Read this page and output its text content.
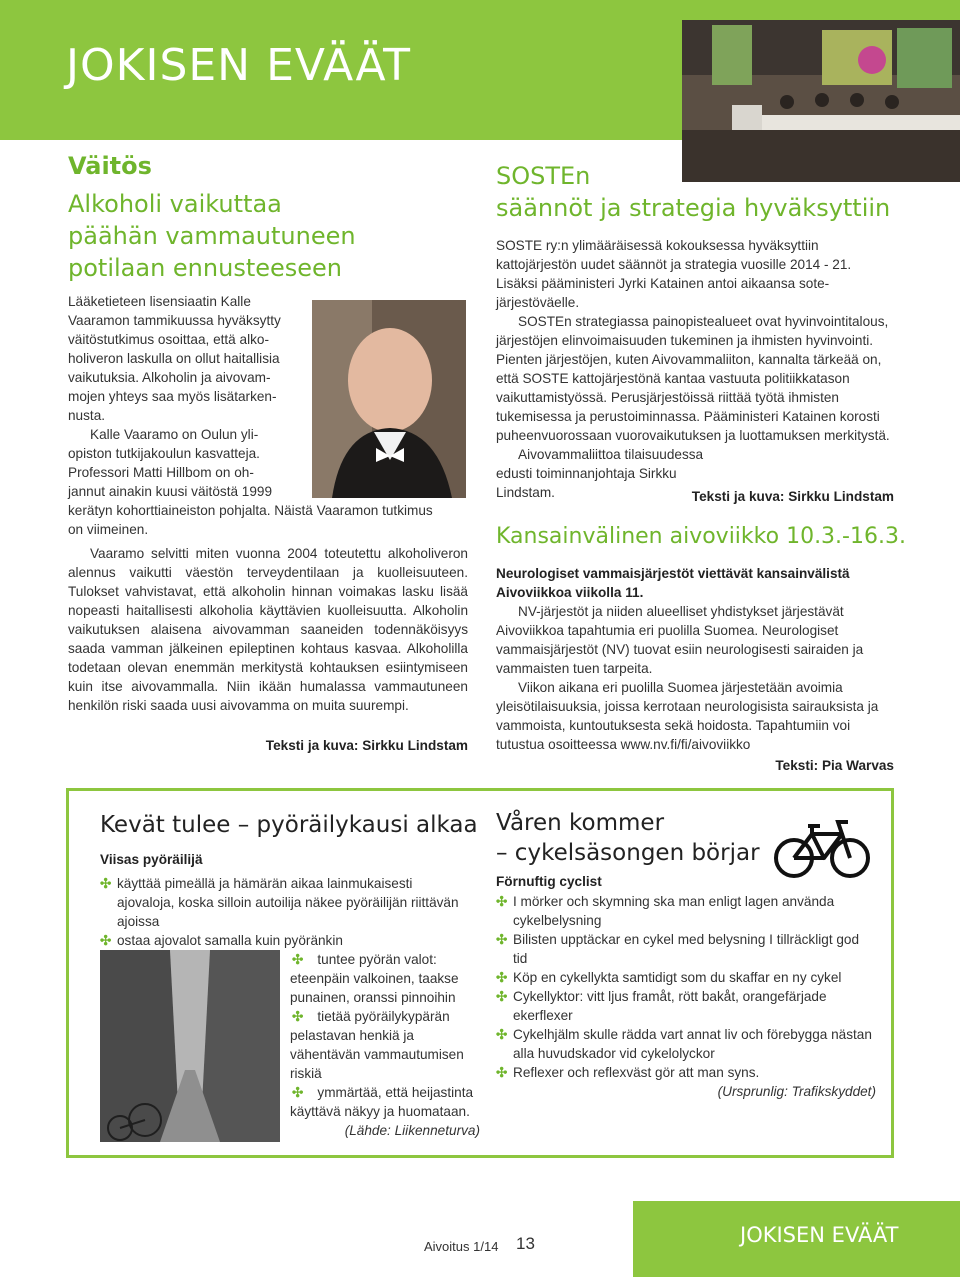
JOKISEN EVÄÄT
Väitös
Alkoholi vaikuttaa päähän vammautuneen potilaan ennusteeseen

Lääketieteen lisensiaatin Kalle

Vaaramon tammikuussa hyväksytty

väitöstutkimus osoittaa, että alko-

holiveron laskulla on ollut haitallisia

vaikutuksia. Alkoholin ja aivovam-

mojen yhteys saa myös lisätarken-

nusta.

Kalle Vaaramo on Oulun yli-

opiston tutkijakoulun kasvatteja.

Professori Matti Hillbom on oh-

jannut ainakin kuusi väitöstä 1999

kerätyn kohorttiaineiston pohjalta. Näistä Vaaramon tutkimus

on viimeinen.

Vaaramo selvitti miten vuonna 2004 toteutettu alkoholiveron alennus vaikutti väestön terveydentilaan ja kuolleisuuteen. Tulokset vahvistavat, että alkoholin hinnan voimakas lasku lisää nopeasti haitallisesti alkoholia käyttävien kuolleisuutta. Alkoholin vaikutuksen alaisena aivovamman saaneiden todennäköisyys saada vamman jälkeinen epileptinen kohtaus kasvaa. Alkoholilla todetaan olevan enemmän merkitystä kohtauksen esiintymiseen kuin itse aivovammalla. Niin ikään humalassa vammautuneen henkilön riski saada uusi aivovamma on muita suurempi.

Teksti ja kuva: Sirkku Lindstam

SOSTEn
säännöt ja strategia hyväksyttiin

SOSTE ry:n ylimääräisessä kokouksessa hyväksyttiin kattojärjestön uudet säännöt ja strategia vuosille 2014 - 21. Lisäksi pääministeri Jyrki Katainen antoi aikaansa sote-järjestöväelle.

SOSTEn strategiassa painopistealueet ovat hyvinvointitalous, järjestöjen elinvoimaisuuden tukeminen ja ihmisten hyvinvointi. Pienten järjestöjen, kuten Aivovammaliiton, kannalta tärkeää on, että SOSTE kattojärjestönä kantaa vastuuta politiikkatason vaikuttamistyössä. Perusjärjestöissä riittää työtä ihmisten tukemisessa ja perustoiminnassa. Pääministeri Katainen korosti puheenvuorossaan vuorovaikutuksen ja luottamuksen merkitystä.

Aivovammaliittoa tilaisuudessa edusti toiminnanjohtaja Sirkku Lindstam.	Teksti ja kuva: Sirkku Lindstam

Kansainvälinen aivoviikko 10.3.-16.3.

Neurologiset vammaisjärjestöt viettävät kansainvälistä Aivoviikkoa viikolla 11.

NV-järjestöt ja niiden alueelliset yhdistykset järjestävät Aivoviikkoa tapahtumia eri puolilla Suomea. Neurologiset vammaisjärjestöt (NV) tuovat esiin neurologisesti sairaiden ja vammaisten tuen tarpeita.

Viikon aikana eri puolilla Suomea järjestetään avoimia yleisötilaisuuksia, joissa kerrotaan neurologisista sairauksista ja vammoista, kuntoutuksesta sekä hoidosta. Tapahtumiin voi tutustua osoitteessa www.nv.fi/fi/aivoviikko

Teksti: Pia Warvas

Kevät tulee – pyöräilykausi alkaa

Viisas pyöräilijä

✣ käyttää pimeällä ja hämärän aikaa lainmukaisesti ajovaloja, koska silloin autoilija näkee pyöräilijän riittävän ajoissa
✣ ostaa ajovalot samalla kuin pyöränkin
✣ tuntee pyörän valot: eteenpäin valkoinen, taakse punainen, oranssi pinnoihin
✣ tietää pyöräilykypärän pelastavan henkiä ja vähentävän vammautumisen riskiä
✣ ymmärtää, että heijastinta käyttävä näkyy ja huomataan.

(Lähde: Liikenneturva)

Våren kommer
– cykelsäsongen börjar

Förnuftig cyclist

✣ I mörker och skymning ska man enligt lagen använda cykelbelysning
✣ Bilisten upptäckar en cykel med belysning I tillräckligt god tid
✣ Köp en cykellykta samtidigt som du skaffar en ny cykel
✣ Cykellyktor: vitt ljus framåt, rött bakåt, orangefärjade ekerflexer
✣ Cykelhjälm skulle rädda vart annat liv och förebygga nästan alla huvudskador vid cykelolyckor
✣ Reflexer och reflexväst gör att man syns.

(Ursprunlig: Trafikskyddet)

Aivoitus 1/14 13	JOKISEN EVÄÄT
